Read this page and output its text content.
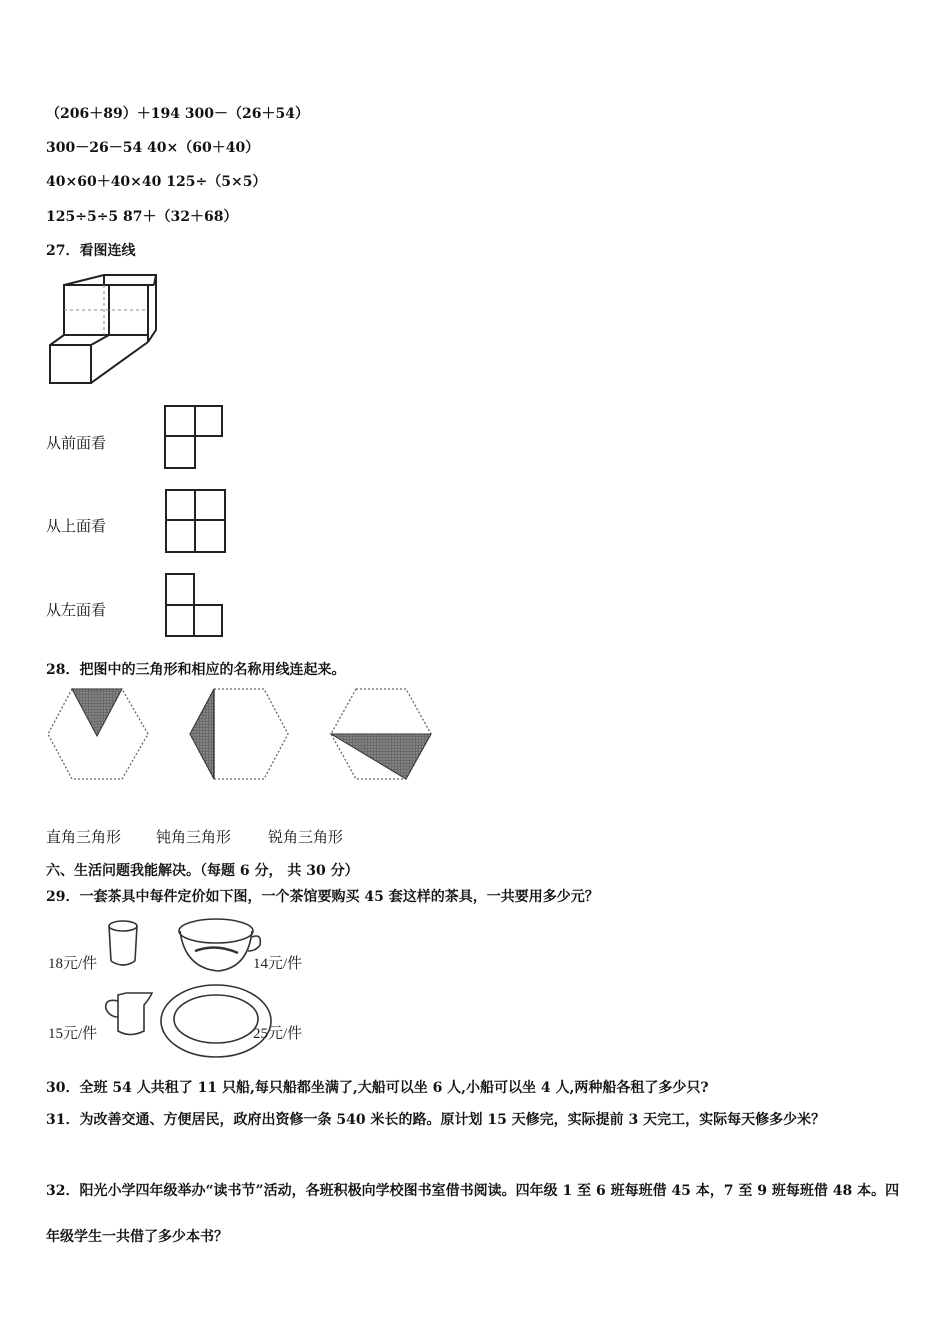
（206＋89）＋194 300－（26＋54）
300－26－54 40×（60＋40）
40×60＋40×40 125÷（5×5）
125÷5÷5 87＋（32＋68）
27．看图连线
从前面看
从上面看
从左面看
28．把图中的三角形和相应的名称用线连起来。
直角三角形 钝角三角形 锐角三角形
六、生活问题我能解决。（每题 6 分， 共 30 分）
29．一套茶具中每件定价如下图，一个茶馆要购买 45 套这样的茶具，一共要用多少元？
18元/件	14元/件
15元/件	25元/件
30．全班 54 人共租了 11 只船,每只船都坐满了,大船可以坐 6 人,小船可以坐 4 人,两种船各租了多少只?
31．为改善交通、方便居民，政府出资修一条 540 米长的路。原计划 15 天修完，实际提前 3 天完工，实际每天修多少米？
32．阳光小学四年级举办“读书节”活动，各班积极向学校图书室借书阅读。四年级 1 至 6 班每班借 45 本，7 至 9 班每班借 48 本。四年级学生一共借了多少本书？
